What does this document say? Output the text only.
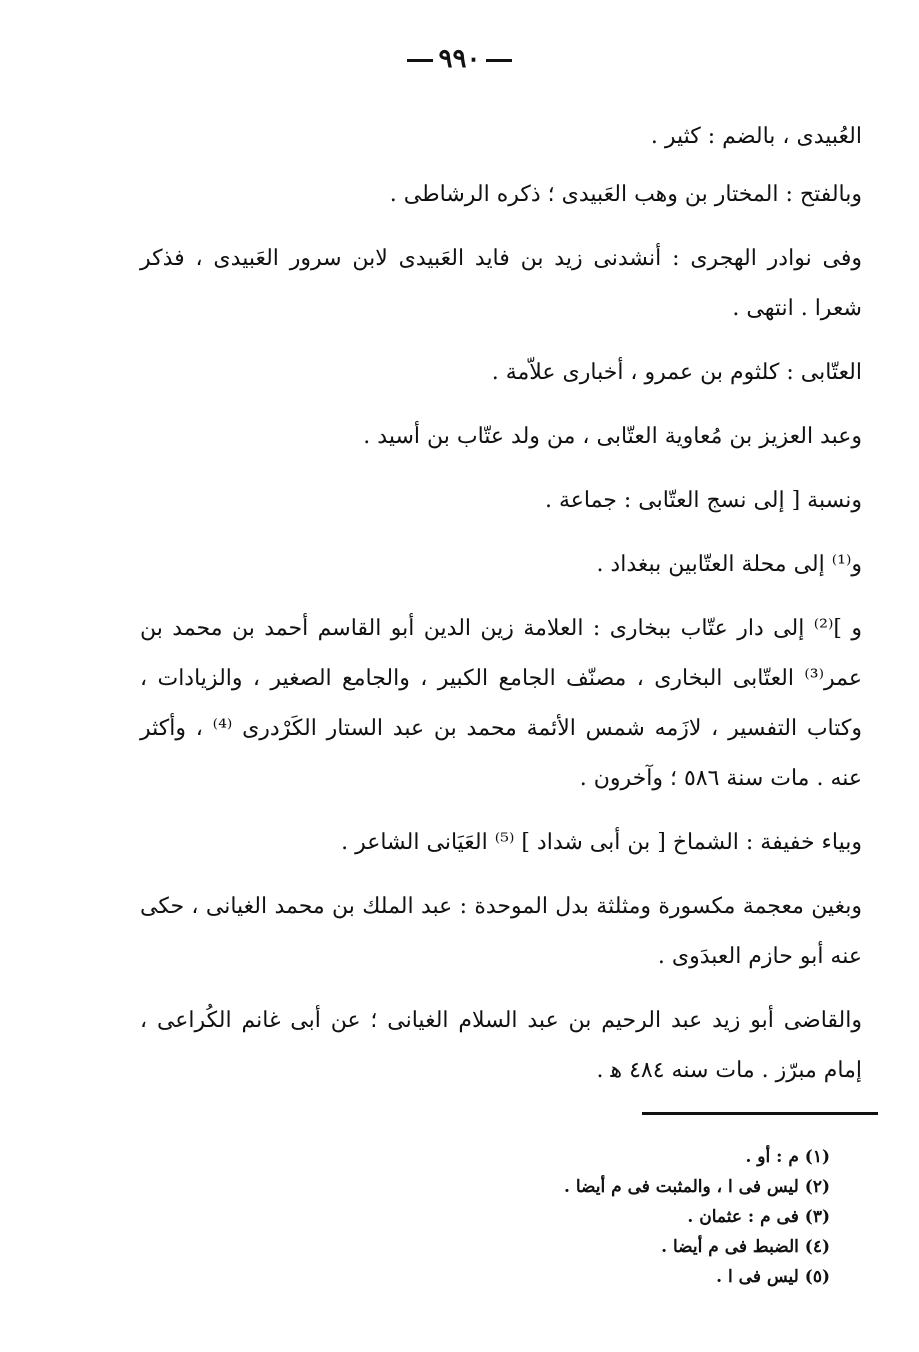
٩٩٠

العُبيدى ، بالضم : كثير .

وبالفتح : المختار بن وهب العَبيدى ؛ ذكره الرشاطى .

وفى نوادر الهجرى : أنشدنى زيد بن فايد العَبيدى لابن سرور العَبيدى ، فذكر شعرا . انتهى .

العتّابى : كلثوم بن عمرو ، أخبارى علاّمة .

وعبد العزيز بن مُعاوية العتّابى ، من ولد عتّاب بن أسيد .

ونسبة [ إلى نسج العتّابى : جماعة .

و⁽¹⁾ إلى محلة العتّابين ببغداد .

و ]⁽²⁾ إلى دار عتّاب ببخارى : العلامة زين الدين أبو القاسم أحمد بن محمد بن عمر⁽³⁾ العتّابى البخارى ، مصنّف الجامع الكبير ، والجامع الصغير ، والزيادات ، وكتاب التفسير ، لازَمه شمس الأئمة محمد بن عبد الستار الكَرْدرى ⁽⁴⁾ ، وأكثر عنه . مات سنة ٥٨٦ ؛ وآخرون .

وبياء خفيفة : الشماخ [ بن أبى شداد ] ⁽⁵⁾ العَيَانى الشاعر .

وبغين معجمة مكسورة ومثلثة بدل الموحدة : عبد الملك بن محمد الغيانى ، حكى عنه أبو حازم العبدَوى .

والقاضى أبو زيد عبد الرحيم بن عبد السلام الغيانى ؛ عن أبى غانم الكُراعى ، إمام مبرّز . مات سنه ٤٨٤ ﻫ .

(١) م : أو .

(٢) ليس فى ا ، والمثبت فى م أيضا .

(٣) فى م : عثمان .

(٤) الضبط فى م أيضا .

(٥) ليس فى ا .
